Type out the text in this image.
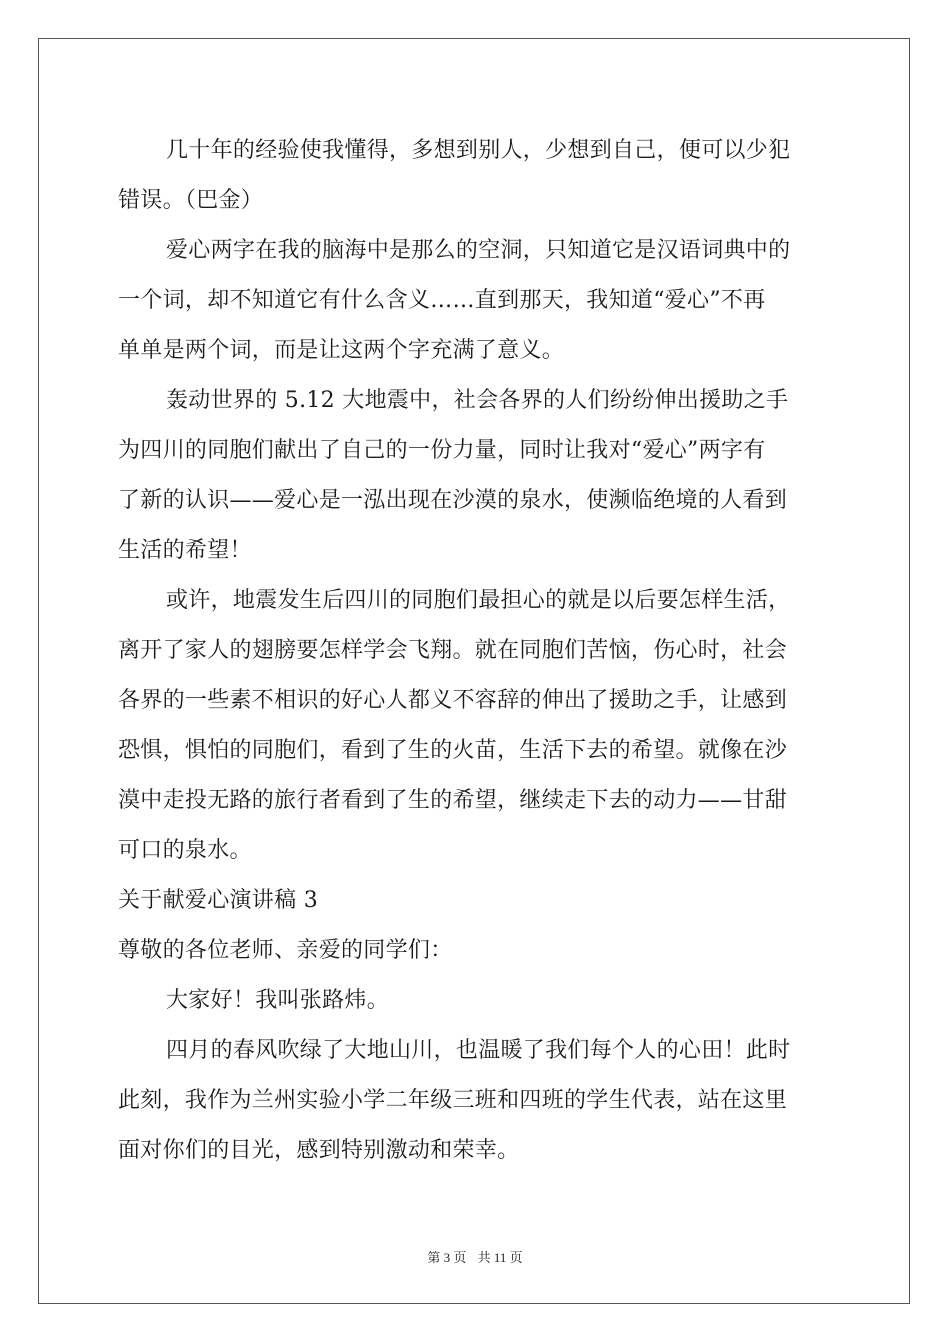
几十年的经验使我懂得，多想到别人，少想到自己，便可以少犯
错误。（巴金）
爱心两字在我的脑海中是那么的空洞，只知道它是汉语词典中的
一个词，却不知道它有什么含义……直到那天，我知道“爱心”不再
单单是两个词，而是让这两个字充满了意义。
轰动世界的 5.12 大地震中，社会各界的人们纷纷伸出援助之手
为四川的同胞们献出了自己的一份力量，同时让我对“爱心”两字有
了新的认识——爱心是一泓出现在沙漠的泉水，使濒临绝境的人看到
生活的希望！
或许，地震发生后四川的同胞们最担心的就是以后要怎样生活，
离开了家人的翅膀要怎样学会飞翔。就在同胞们苦恼，伤心时，社会
各界的一些素不相识的好心人都义不容辞的伸出了援助之手，让感到
恐惧，惧怕的同胞们，看到了生的火苗，生活下去的希望。就像在沙
漠中走投无路的旅行者看到了生的希望，继续走下去的动力——甘甜
可口的泉水。
关于献爱心演讲稿 3
尊敬的各位老师、亲爱的同学们：
大家好！我叫张路炜。
四月的春风吹绿了大地山川，也温暖了我们每个人的心田！此时
此刻，我作为兰州实验小学二年级三班和四班的学生代表，站在这里
面对你们的目光，感到特别激动和荣幸。
第 3 页 共 11 页
